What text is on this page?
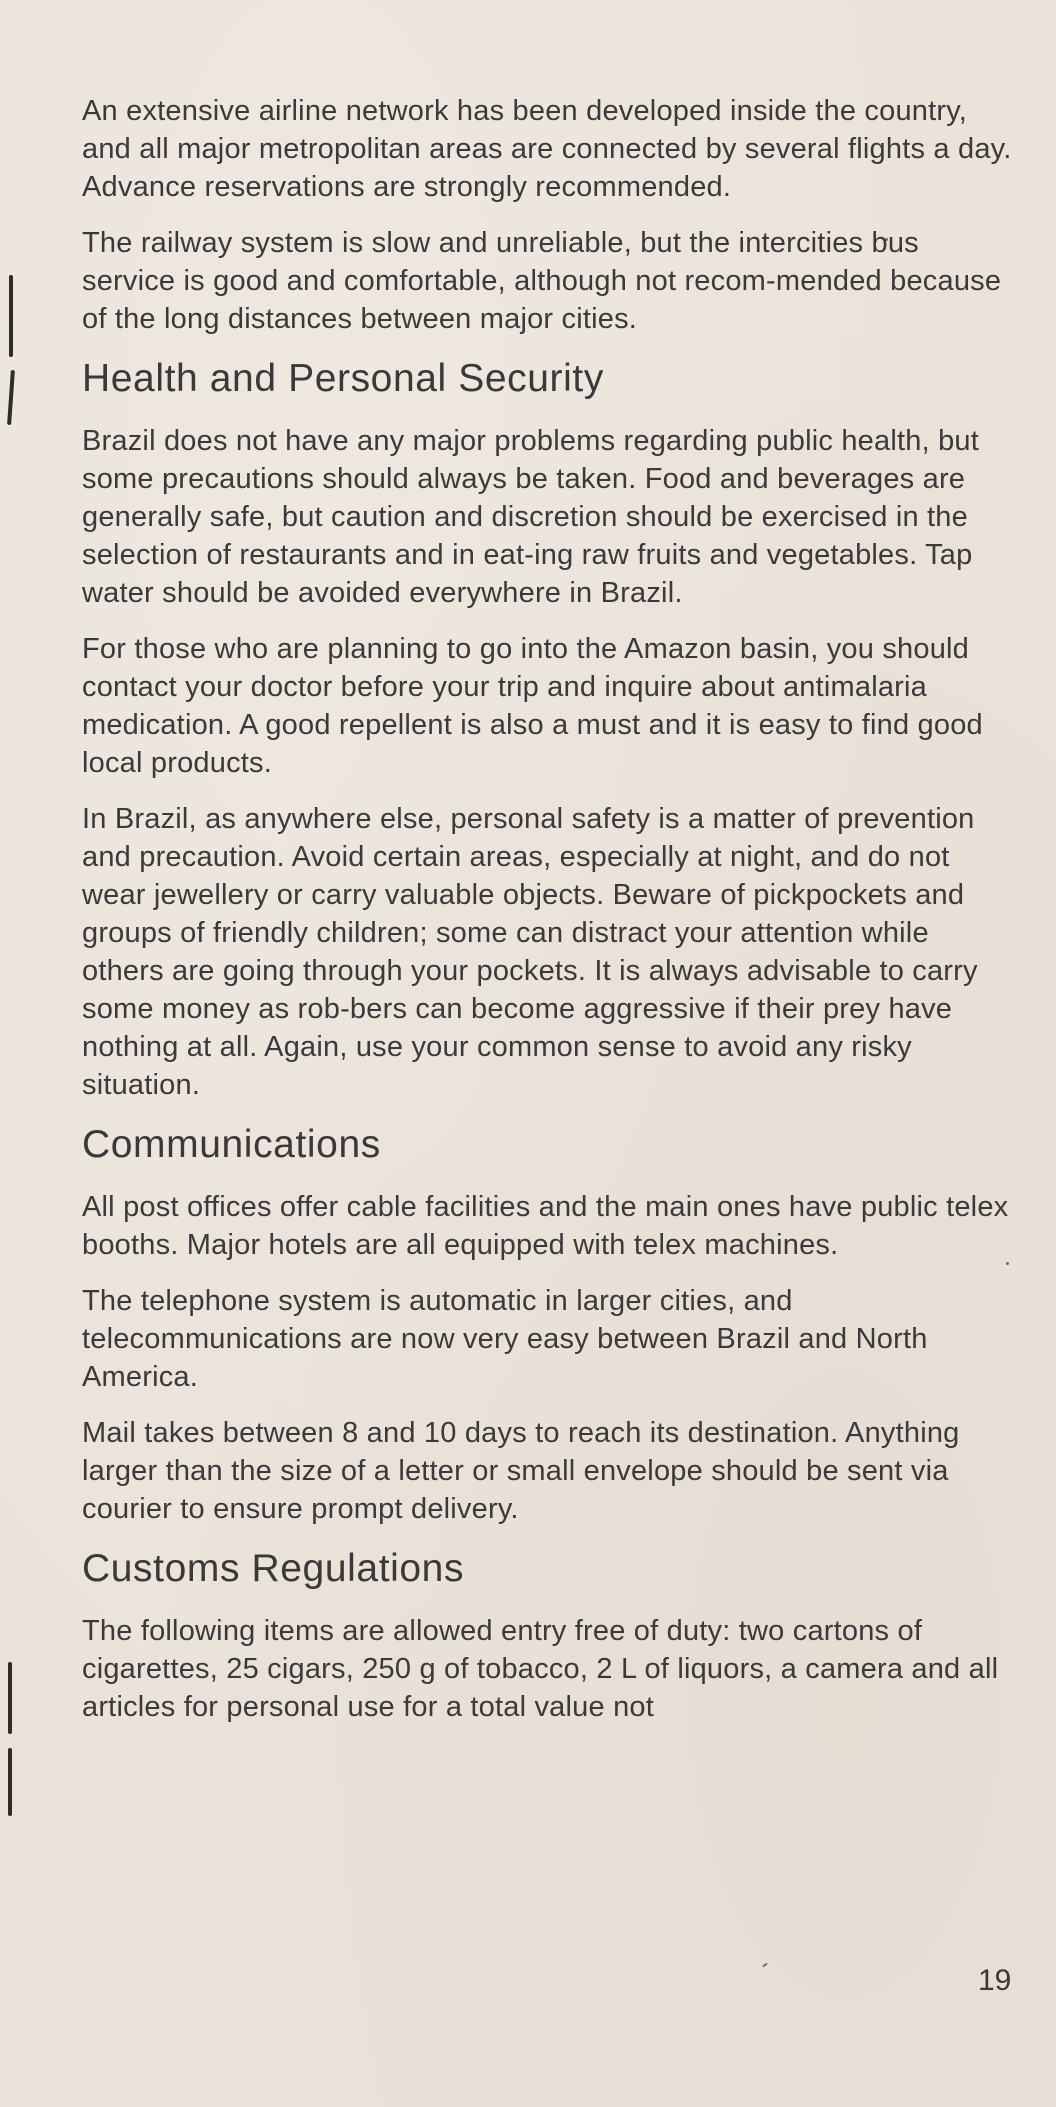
An extensive airline network has been developed inside the country, and all major metropolitan areas are connected by several flights a day. Advance reservations are strongly recommended.

The railway system is slow and unreliable, but the intercities bus service is good and comfortable, although not recom-mended because of the long distances between major cities.

Health and Personal Security

Brazil does not have any major problems regarding public health, but some precautions should always be taken. Food and beverages are generally safe, but caution and discretion should be exercised in the selection of restaurants and in eat-ing raw fruits and vegetables. Tap water should be avoided everywhere in Brazil.

For those who are planning to go into the Amazon basin, you should contact your doctor before your trip and inquire about antimalaria medication. A good repellent is also a must and it is easy to find good local products.

In Brazil, as anywhere else, personal safety is a matter of prevention and precaution. Avoid certain areas, especially at night, and do not wear jewellery or carry valuable objects. Beware of pickpockets and groups of friendly children; some can distract your attention while others are going through your pockets. It is always advisable to carry some money as rob-bers can become aggressive if their prey have nothing at all. Again, use your common sense to avoid any risky situation.

Communications

All post offices offer cable facilities and the main ones have public telex booths. Major hotels are all equipped with telex machines.

The telephone system is automatic in larger cities, and telecommunications are now very easy between Brazil and North America.

Mail takes between 8 and 10 days to reach its destination. Anything larger than the size of a letter or small envelope should be sent via courier to ensure prompt delivery.

Customs Regulations

The following items are allowed entry free of duty: two cartons of cigarettes, 25 cigars, 250 g of tobacco, 2 L of liquors, a camera and all articles for personal use for a total value not

19
